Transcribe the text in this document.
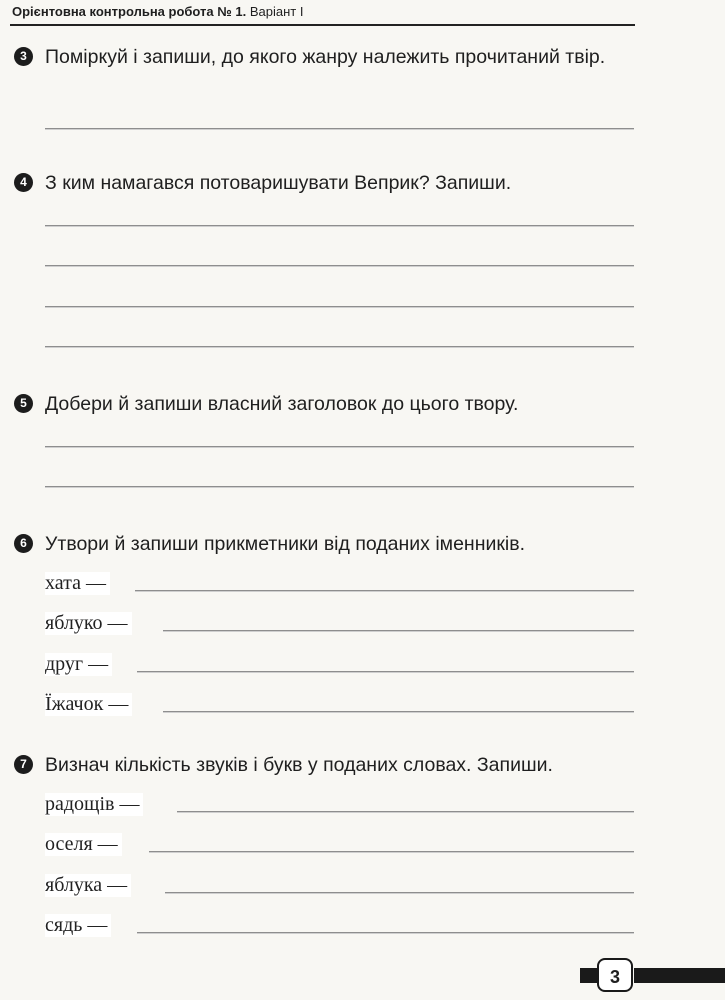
Орієнтовна контрольна робота № 1. Варіант І
3 Поміркуй і запиши, до якого жанру належить прочитаний твір.
4 З ким намагався потоваришувати Веприк? Запиши.
5 Добери й запиши власний заголовок до цього твору.
6 Утвори й запиши прикметники від поданих іменників.
хата —
яблуко —
друг —
Їжачок —
7 Визнач кількість звуків і букв у поданих словах. Запиши.
радощів —
оселя —
яблука —
сядь —
3
